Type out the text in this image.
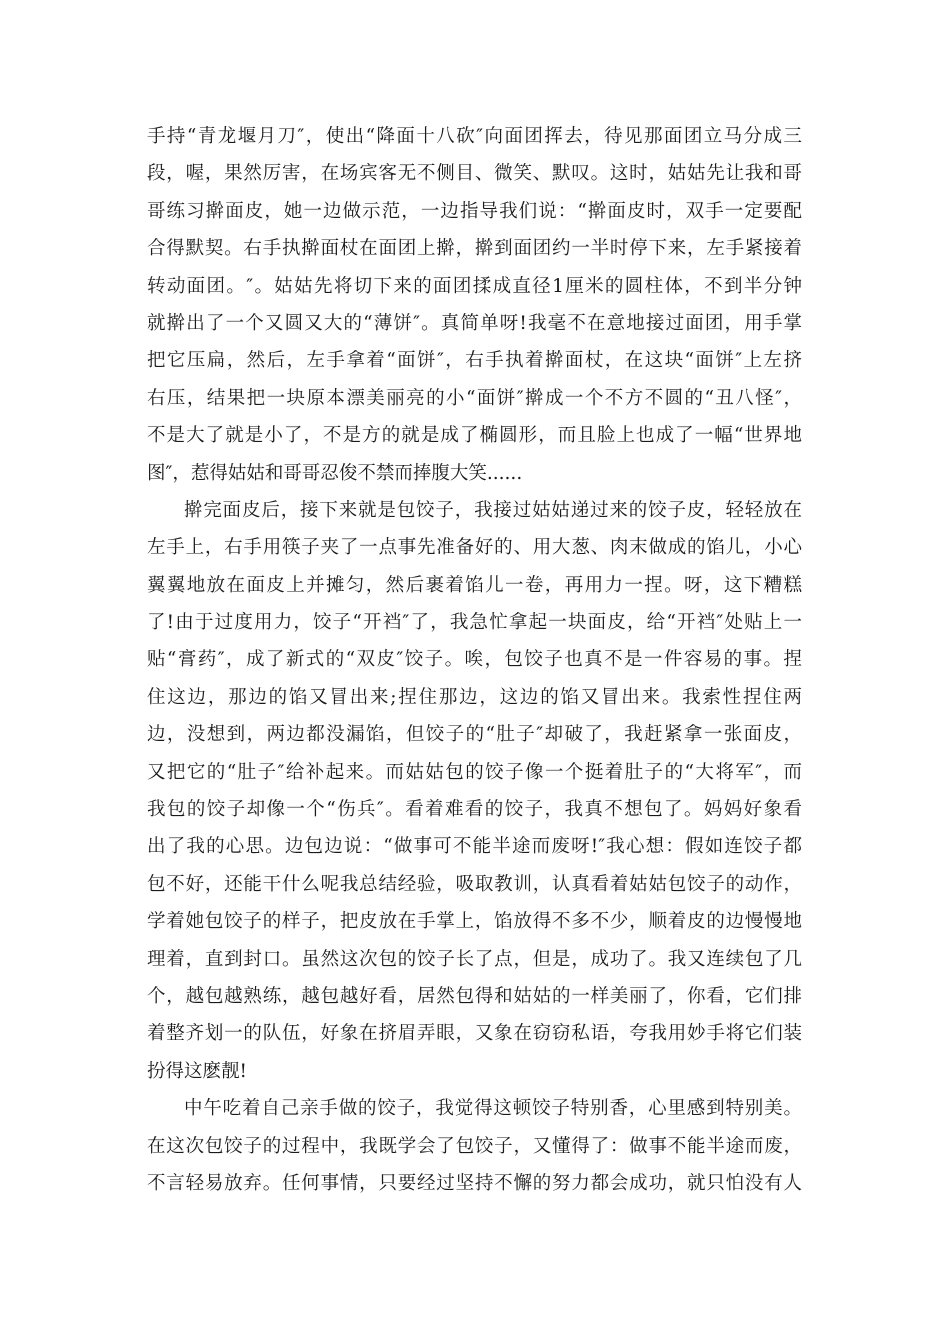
手持“青龙堰月刀″，使出“降面十八砍″向面团挥去，待见那面团立马分成三
段，喔，果然厉害，在场宾客无不侧目、微笑、默叹。这时，姑姑先让我和哥
哥练习擀面皮，她一边做示范，一边指导我们说：“擀面皮时，双手一定要配
合得默契。右手执擀面杖在面团上擀，擀到面团约一半时停下来，左手紧接着
转动面团。″。姑姑先将切下来的面团揉成直径1厘米的圆柱体，不到半分钟
就擀出了一个又圆又大的“薄饼″。真简单呀!我毫不在意地接过面团，用手掌
把它压扁，然后，左手拿着“面饼″，右手执着擀面杖，在这块“面饼″上左挤
右压，结果把一块原本漂美丽亮的小“面饼″擀成一个不方不圆的“丑八怪″，
不是大了就是小了，不是方的就是成了椭圆形，而且脸上也成了一幅“世界地
图″，惹得姑姑和哥哥忍俊不禁而捧腹大笑......
擀完面皮后，接下来就是包饺子，我接过姑姑递过来的饺子皮，轻轻放在
左手上，右手用筷子夹了一点事先准备好的、用大葱、肉末做成的馅儿，小心
翼翼地放在面皮上并摊匀，然后裹着馅儿一卷，再用力一捏。呀，这下糟糕
了!由于过度用力，饺子“开裆″了，我急忙拿起一块面皮，给“开裆″处贴上一
贴“膏药″，成了新式的“双皮″饺子。唉，包饺子也真不是一件容易的事。捏
住这边，那边的馅又冒出来;捏住那边，这边的馅又冒出来。我索性捏住两
边，没想到，两边都没漏馅，但饺子的“肚子″却破了，我赶紧拿一张面皮，
又把它的“肚子″给补起来。而姑姑包的饺子像一个挺着肚子的“大将军″，而
我包的饺子却像一个“伤兵″。看着难看的饺子，我真不想包了。妈妈好象看
出了我的心思。边包边说：“做事可不能半途而废呀!″我心想：假如连饺子都
包不好，还能干什么呢我总结经验，吸取教训，认真看着姑姑包饺子的动作，
学着她包饺子的样子，把皮放在手掌上，馅放得不多不少，顺着皮的边慢慢地
理着，直到封口。虽然这次包的饺子长了点，但是，成功了。我又连续包了几
个，越包越熟练，越包越好看，居然包得和姑姑的一样美丽了，你看，它们排
着整齐划一的队伍，好象在挤眉弄眼，又象在窃窃私语，夸我用妙手将它们装
扮得这麽靓!
中午吃着自己亲手做的饺子，我觉得这顿饺子特别香，心里感到特别美。
在这次包饺子的过程中，我既学会了包饺子，又懂得了：做事不能半途而废，
不言轻易放弃。任何事情，只要经过坚持不懈的努力都会成功，就只怕没有人
